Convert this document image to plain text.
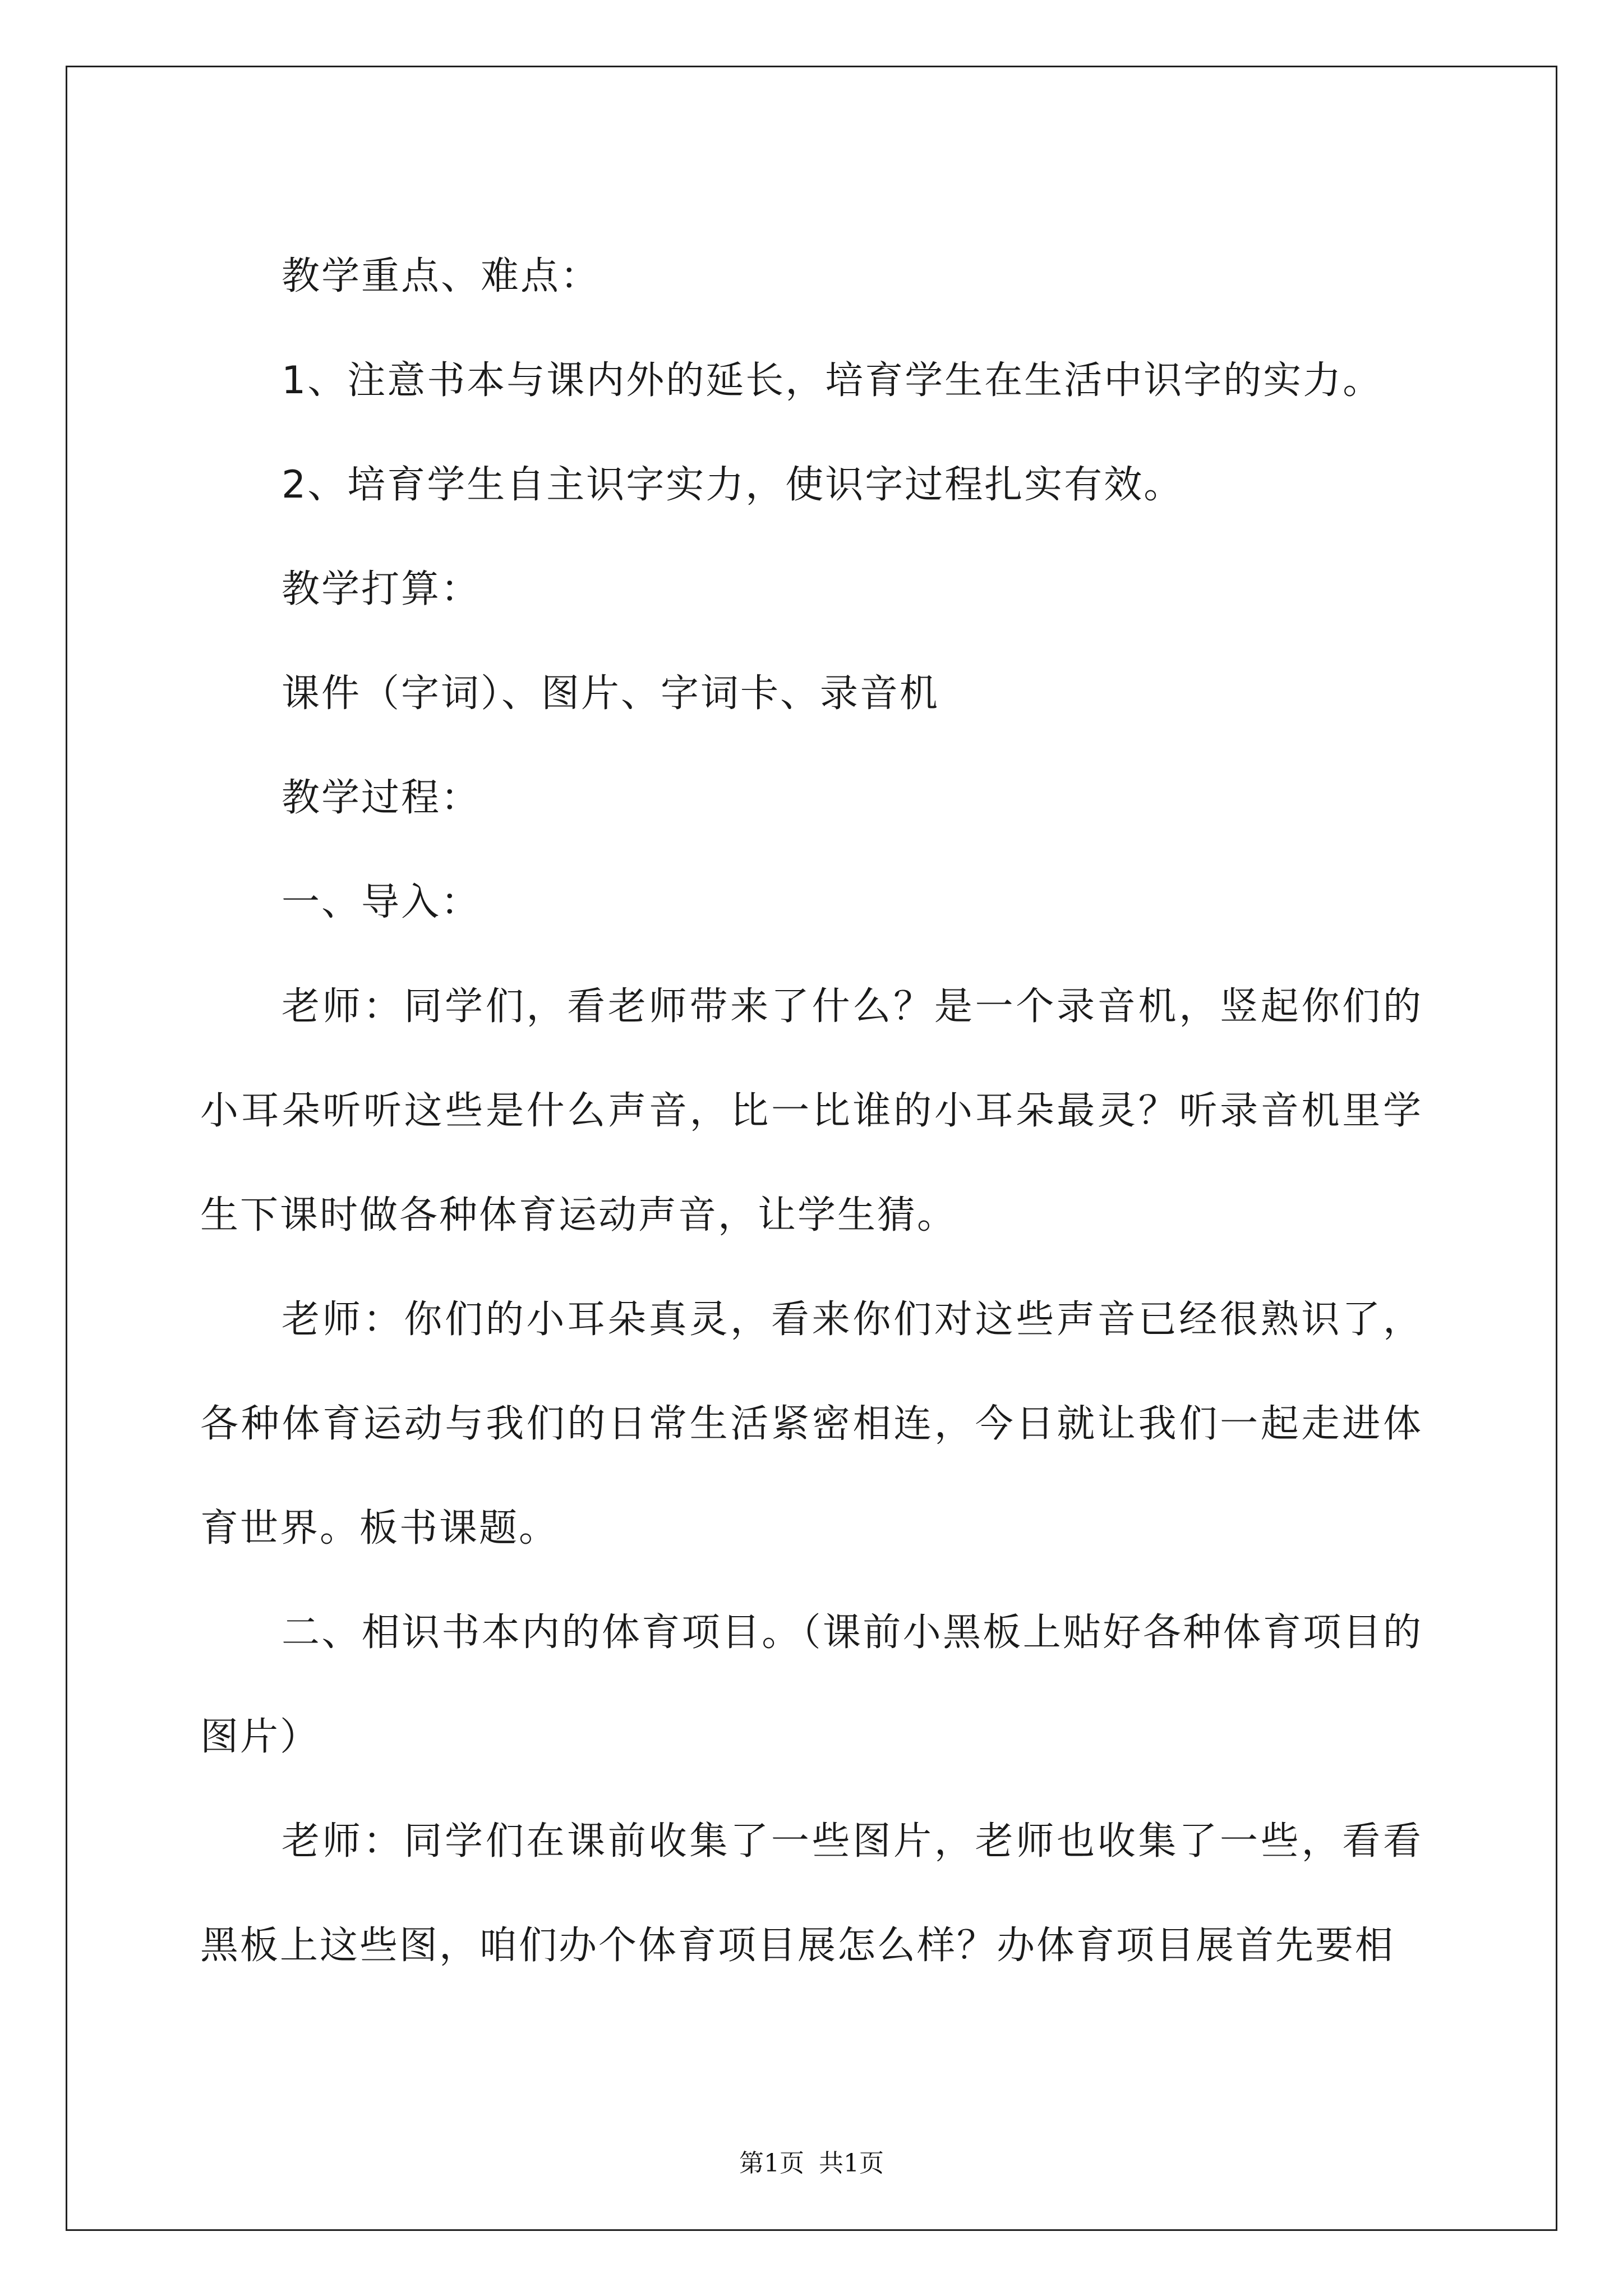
教学重点、难点：

1、注意书本与课内外的延长，培育学生在生活中识字的实力。

2、培育学生自主识字实力，使识字过程扎实有效。

教学打算：

课件（字词）、图片、字词卡、录音机

教学过程：

一、导入：

老师：同学们，看老师带来了什么？是一个录音机，竖起你们的小耳朵听听这些是什么声音，比一比谁的小耳朵最灵？听录音机里学生下课时做各种体育运动声音，让学生猜。

老师：你们的小耳朵真灵，看来你们对这些声音已经很熟识了，各种体育运动与我们的日常生活紧密相连，今日就让我们一起走进体育世界。板书课题。

二、相识书本内的体育项目。（课前小黑板上贴好各种体育项目的图片）

老师：同学们在课前收集了一些图片，老师也收集了一些，看看黑板上这些图，咱们办个体育项目展怎么样？办体育项目展首先要相

第1页 共1页
